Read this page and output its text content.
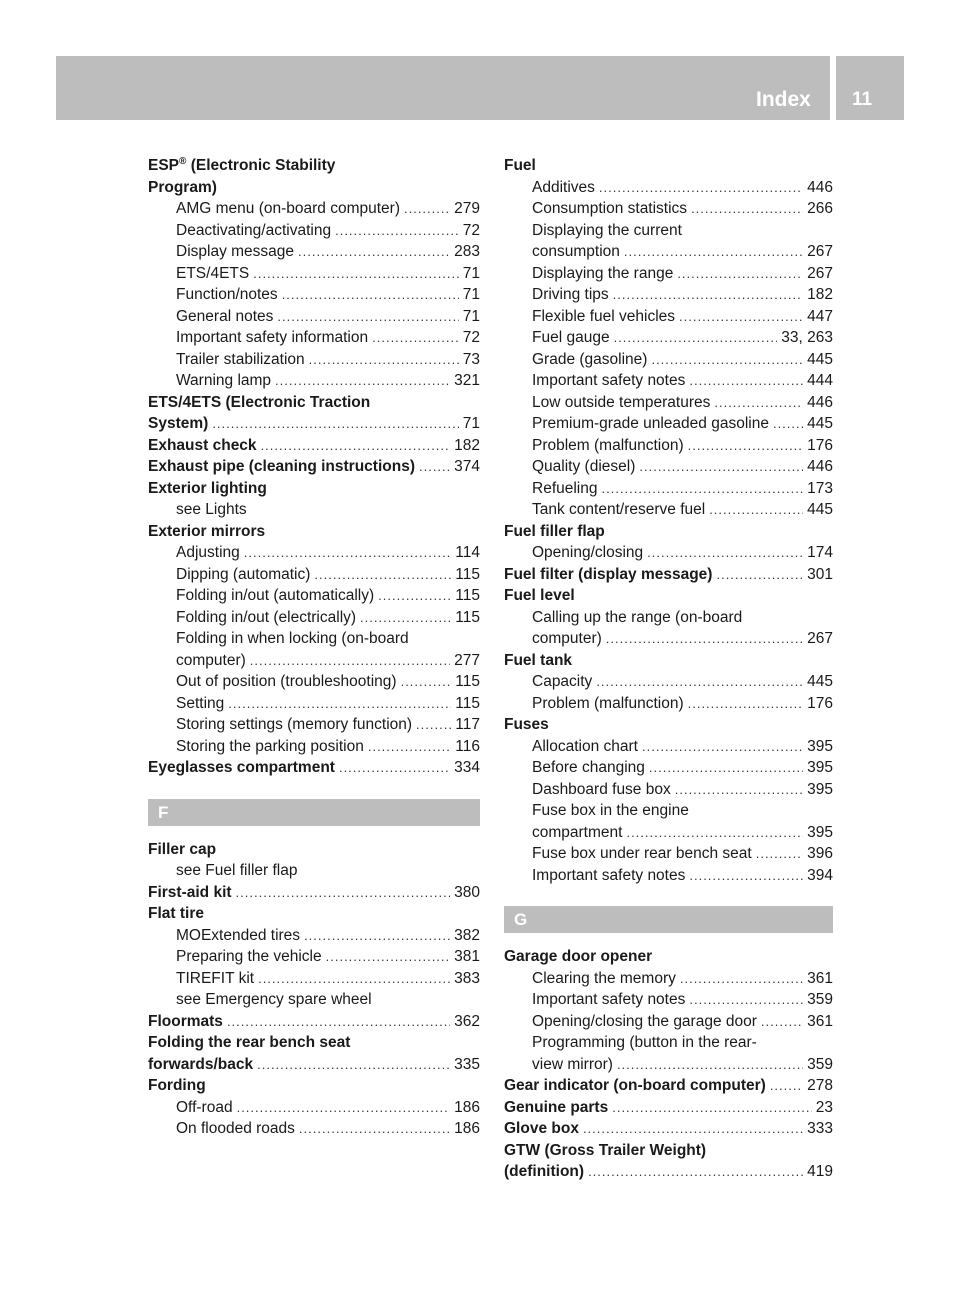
Index 11
ESP® (Electronic Stability
Program)
AMG menu (on-board computer) .....	279
Deactivating/activating .....	72
Display message .....	283
ETS/4ETS .....	71
Function/notes .....	71
General notes .....	71
Important safety information .....	72
Trailer stabilization .....	73
Warning lamp .....	321
ETS/4ETS (Electronic Traction
System) .....	71
Exhaust check .....	182
Exhaust pipe (cleaning instructions) .....	374
Exterior lighting
see Lights
Exterior mirrors
Adjusting .....	114
Dipping (automatic) .....	115
Folding in/out (automatically) .....	115
Folding in/out (electrically) .....	115
Folding in when locking (on-board
computer) .....	277
Out of position (troubleshooting) .....	115
Setting .....	115
Storing settings (memory function) .....	117
Storing the parking position .....	116
Eyeglasses compartment .....	334
F
Filler cap
see Fuel filler flap
First-aid kit .....	380
Flat tire
MOExtended tires .....	382
Preparing the vehicle .....	381
TIREFIT kit .....	383
see Emergency spare wheel
Floormats .....	362
Folding the rear bench seat
forwards/back .....	335
Fording
Off-road .....	186
On flooded roads .....	186
Fuel
Additives .....	446
Consumption statistics .....	266
Displaying the current
consumption .....	267
Displaying the range .....	267
Driving tips .....	182
Flexible fuel vehicles .....	447
Fuel gauge .....	33, 263
Grade (gasoline) .....	445
Important safety notes .....	444
Low outside temperatures .....	446
Premium-grade unleaded gasoline ..... 445
Problem (malfunction) .....	176
Quality (diesel) .....	446
Refueling .....	173
Tank content/reserve fuel .....	445
Fuel filler flap
Opening/closing .....	174
Fuel filter (display message) .....	301
Fuel level
Calling up the range (on-board
computer) .....	267
Fuel tank
Capacity .....	445
Problem (malfunction) .....	176
Fuses
Allocation chart .....	395
Before changing .....	395
Dashboard fuse box .....	395
Fuse box in the engine
compartment .....	395
Fuse box under rear bench seat .....	396
Important safety notes .....	394
G
Garage door opener
Clearing the memory .....	361
Important safety notes .....	359
Opening/closing the garage door .....	361
Programming (button in the rear-
view mirror) .....	359
Gear indicator (on-board computer) .....	278
Genuine parts .....	23
Glove box .....	333
GTW (Gross Trailer Weight)
(definition) .....	419
